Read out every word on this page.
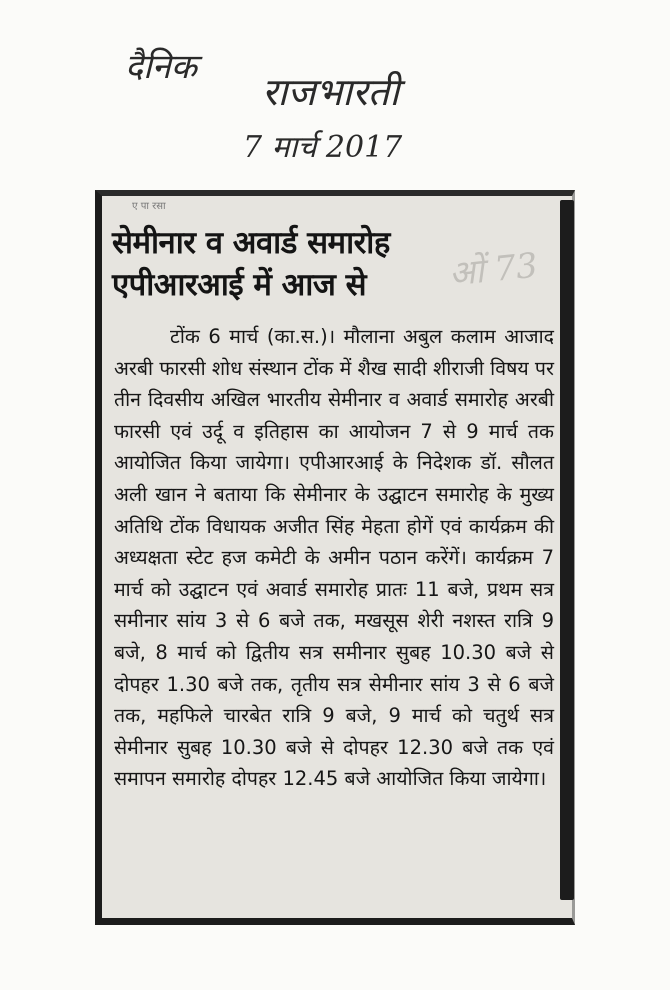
दैनिक
राजभारती
7 मार्च 2017
ए पा रसा
सेमीनार व अवार्ड समारोह
एपीआरआई में आज से	ओं 73
टोंक 6 मार्च (का.स.)। मौलाना अबुल कलाम आजाद अरबी फारसी शोध संस्थान टोंक में शैख सादी शीराजी विषय पर तीन दिवसीय अखिल भारतीय सेमीनार व अवार्ड समारोह अरबी फारसी एवं उर्दू व इतिहास का आयोजन 7 से 9 मार्च तक आयोजित किया जायेगा। एपीआरआई के निदेशक डॉ. सौलत अली खान ने बताया कि सेमीनार के उद्घाटन समारोह के मुख्य अतिथि टोंक विधायक अजीत सिंह मेहता होगें एवं कार्यक्रम की अध्यक्षता स्टेट हज कमेटी के अमीन पठान करेंगें। कार्यक्रम 7 मार्च को उद्घाटन एवं अवार्ड समारोह प्रातः 11 बजे, प्रथम सत्र समीनार सांय 3 से 6 बजे तक, मखसूस शेरी नशस्त रात्रि 9 बजे, 8 मार्च को द्वितीय सत्र समीनार सुबह 10.30 बजे से दोपहर 1.30 बजे तक, तृतीय सत्र सेमीनार सांय 3 से 6 बजे तक, महफिले चारबेत रात्रि 9 बजे, 9 मार्च को चतुर्थ सत्र सेमीनार सुबह 10.30 बजे से दोपहर 12.30 बजे तक एवं समापन समारोह दोपहर 12.45 बजे आयोजित किया जायेगा।
